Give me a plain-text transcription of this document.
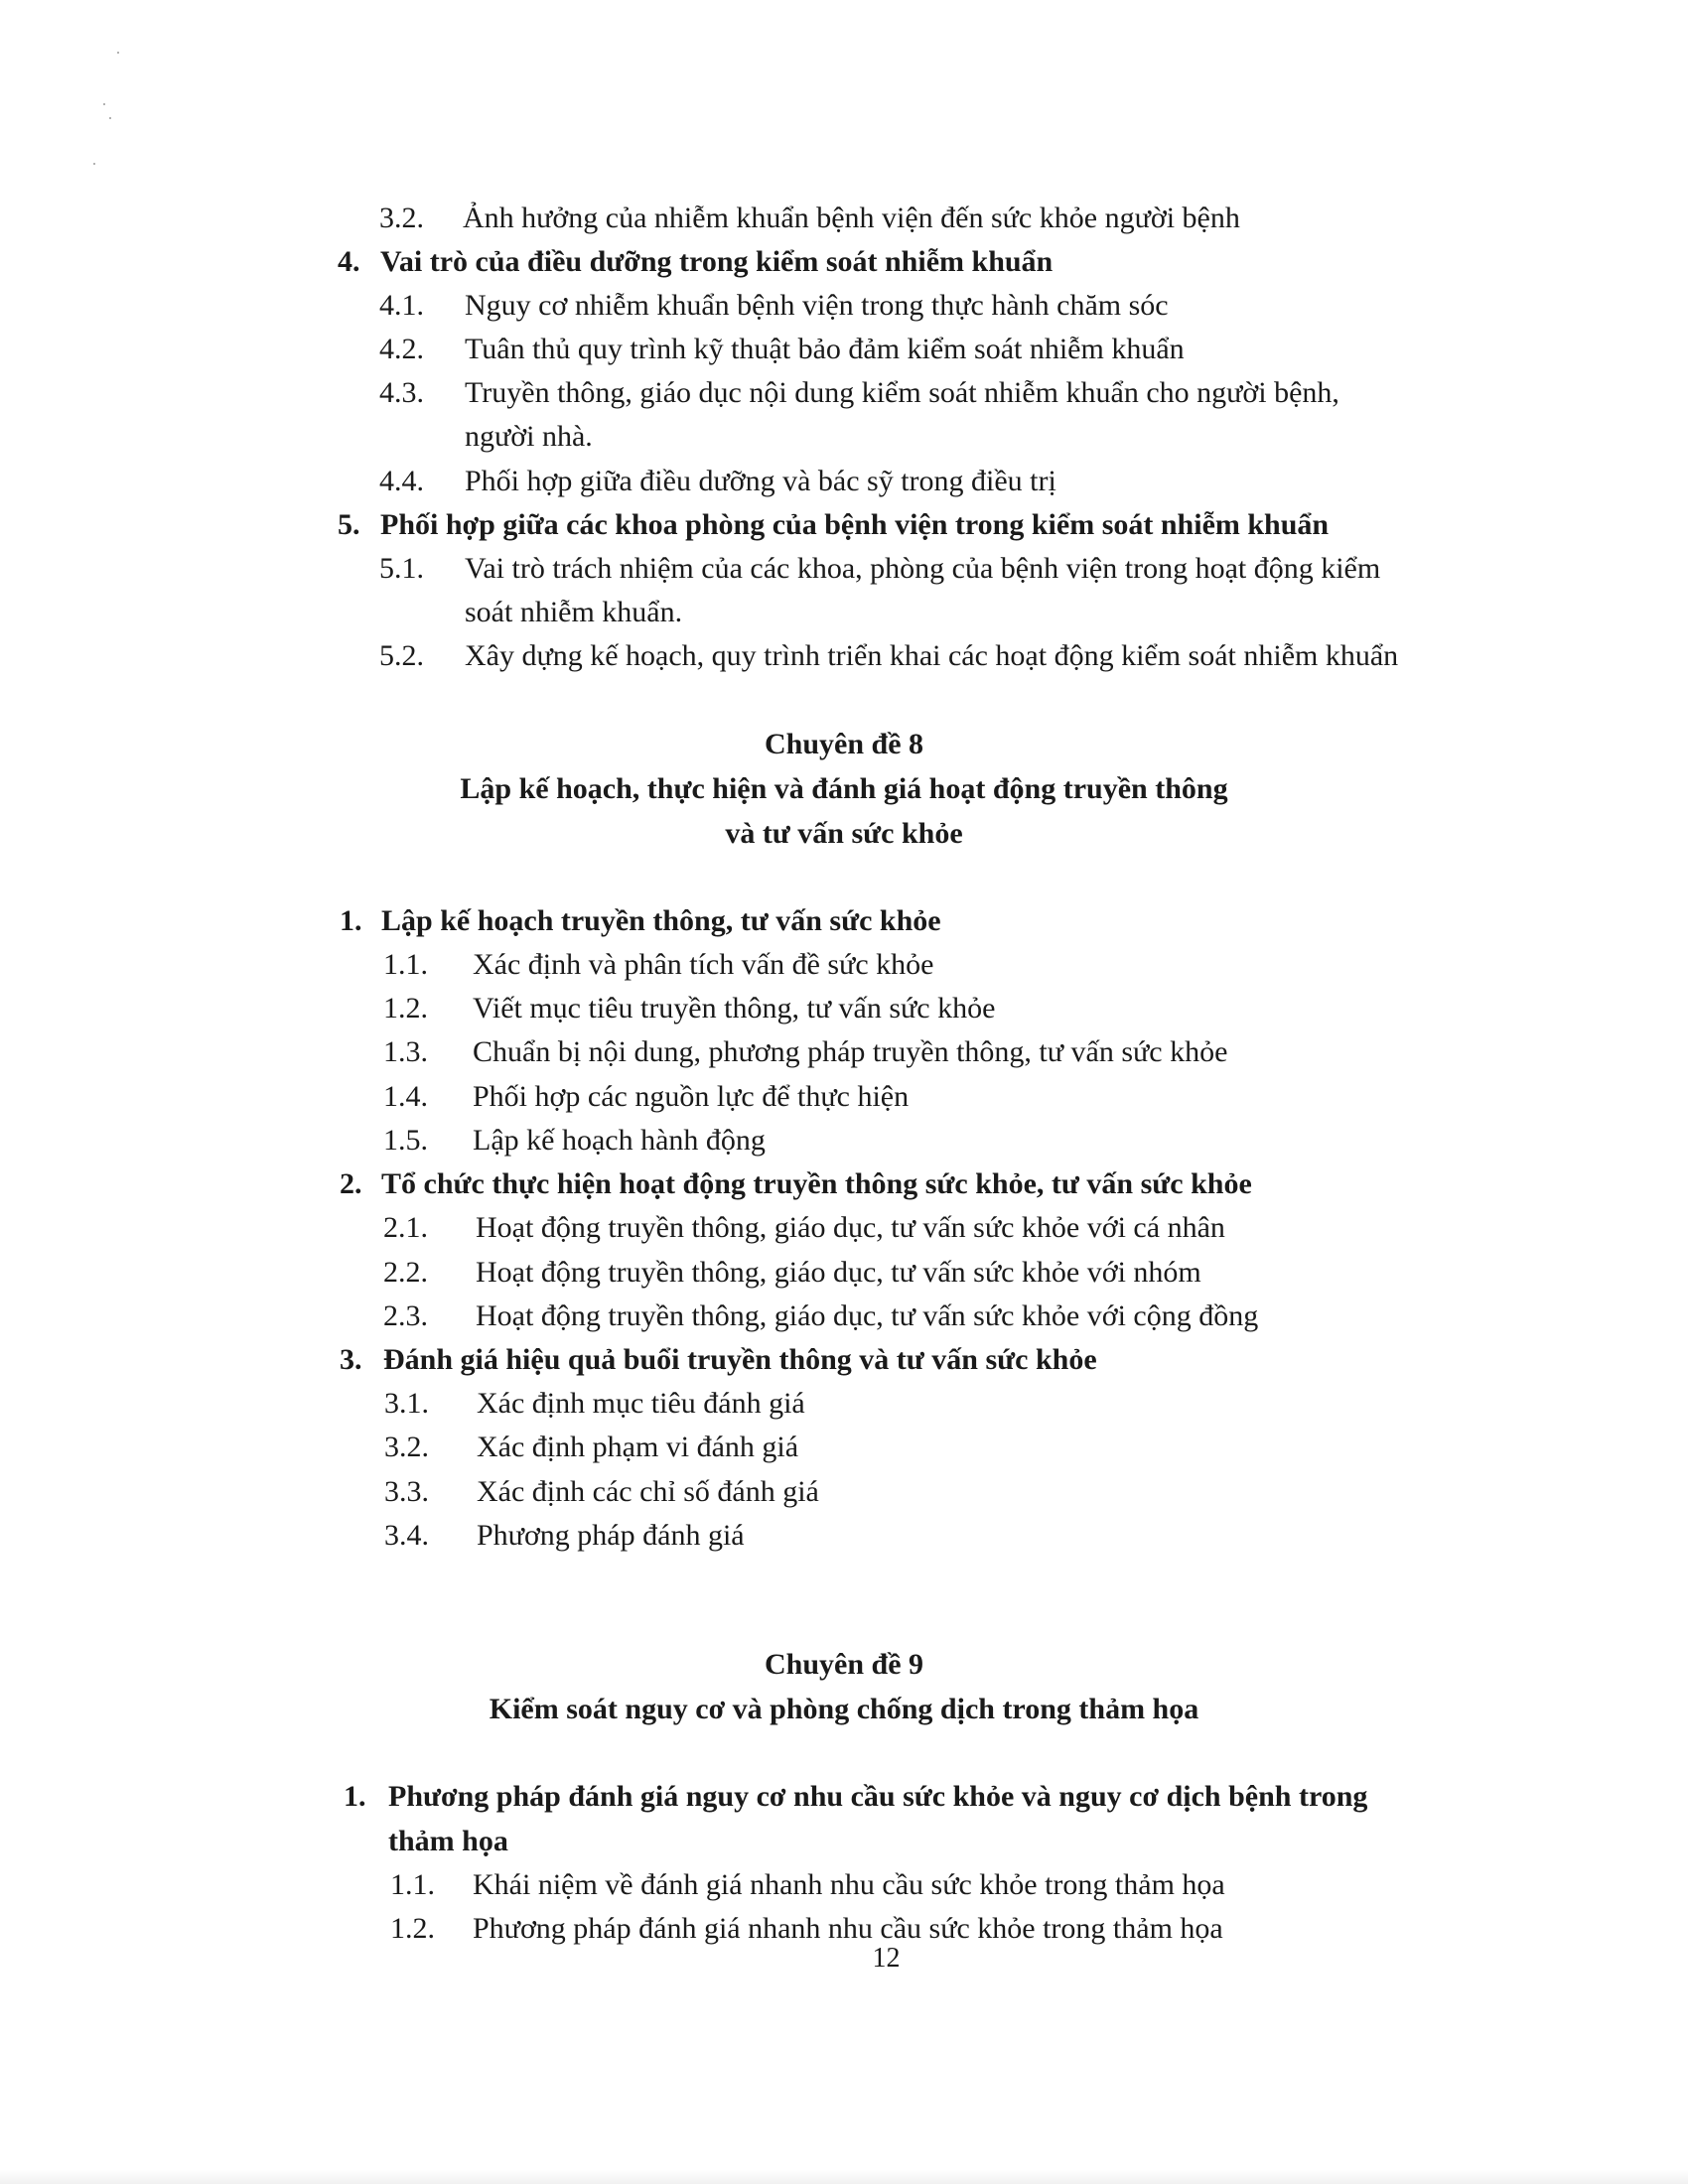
3.2. Ảnh hưởng của nhiễm khuẩn bệnh viện đến sức khỏe người bệnh
4. Vai trò của điều dưỡng trong kiểm soát nhiễm khuẩn
4.1. Nguy cơ nhiễm khuẩn bệnh viện trong thực hành chăm sóc
4.2. Tuân thủ quy trình kỹ thuật bảo đảm kiểm soát nhiễm khuẩn
4.3. Truyền thông, giáo dục nội dung kiểm soát nhiễm khuẩn cho người bệnh,
người nhà.
4.4. Phối hợp giữa điều dưỡng và bác sỹ trong điều trị
5. Phối hợp giữa các khoa phòng của bệnh viện trong kiểm soát nhiễm khuẩn
5.1. Vai trò trách nhiệm của các khoa, phòng của bệnh viện trong hoạt động kiểm
soát nhiễm khuẩn.
5.2. Xây dựng kế hoạch, quy trình triển khai các hoạt động kiểm soát nhiễm khuẩn
Chuyên đề 8
Lập kế hoạch, thực hiện và đánh giá hoạt động truyền thông
và tư vấn sức khỏe
1. Lập kế hoạch truyền thông, tư vấn sức khỏe
1.1. Xác định và phân tích vấn đề sức khỏe
1.2. Viết mục tiêu truyền thông, tư vấn sức khỏe
1.3. Chuẩn bị nội dung, phương pháp truyền thông, tư vấn sức khỏe
1.4. Phối hợp các nguồn lực để thực hiện
1.5. Lập kế hoạch hành động
2. Tổ chức thực hiện hoạt động truyền thông sức khỏe, tư vấn sức khỏe
2.1. Hoạt động truyền thông, giáo dục, tư vấn sức khỏe với cá nhân
2.2. Hoạt động truyền thông, giáo dục, tư vấn sức khỏe với nhóm
2.3. Hoạt động truyền thông, giáo dục, tư vấn sức khỏe với cộng đồng
3. Đánh giá hiệu quả buổi truyền thông và tư vấn sức khỏe
3.1. Xác định mục tiêu đánh giá
3.2. Xác định phạm vi đánh giá
3.3. Xác định các chỉ số đánh giá
3.4. Phương pháp đánh giá
Chuyên đề 9
Kiểm soát nguy cơ và phòng chống dịch trong thảm họa
1. Phương pháp đánh giá nguy cơ nhu cầu sức khỏe và nguy cơ dịch bệnh trong
thảm họa
1.1. Khái niệm về đánh giá nhanh nhu cầu sức khỏe trong thảm họa
1.2. Phương pháp đánh giá nhanh nhu cầu sức khỏe trong thảm họa
12
